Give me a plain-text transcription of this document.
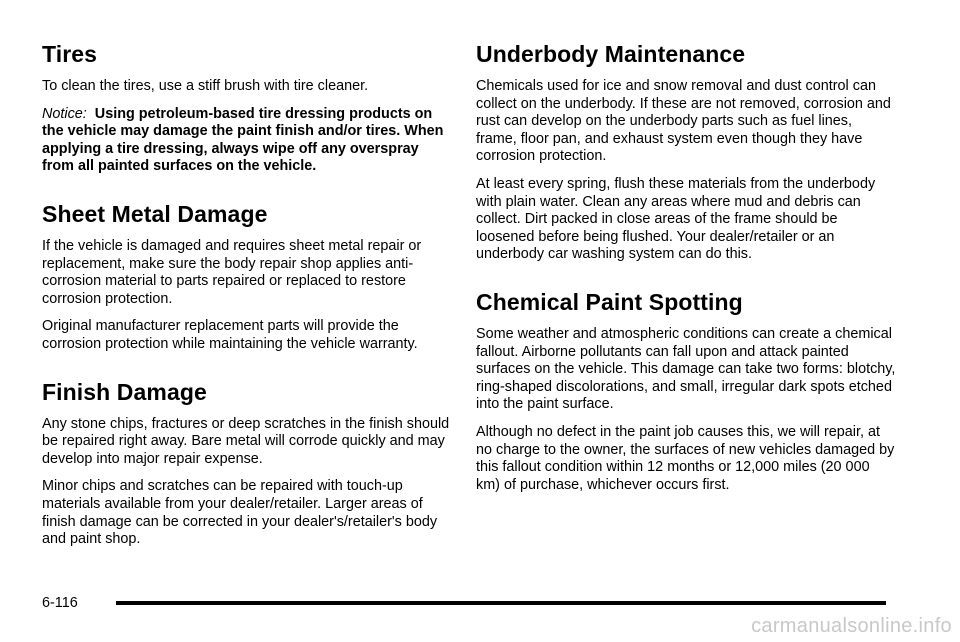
Tires

To clean the tires, use a stiff brush with tire cleaner.

Notice: Using petroleum-based tire dressing products on the vehicle may damage the paint finish and/or tires. When applying a tire dressing, always wipe off any overspray from all painted surfaces on the vehicle.

Sheet Metal Damage

If the vehicle is damaged and requires sheet metal repair or replacement, make sure the body repair shop applies anti-corrosion material to parts repaired or replaced to restore corrosion protection.

Original manufacturer replacement parts will provide the corrosion protection while maintaining the vehicle warranty.

Finish Damage

Any stone chips, fractures or deep scratches in the finish should be repaired right away. Bare metal will corrode quickly and may develop into major repair expense.

Minor chips and scratches can be repaired with touch-up materials available from your dealer/retailer. Larger areas of finish damage can be corrected in your dealer's/retailer's body and paint shop.

Underbody Maintenance

Chemicals used for ice and snow removal and dust control can collect on the underbody. If these are not removed, corrosion and rust can develop on the underbody parts such as fuel lines, frame, floor pan, and exhaust system even though they have corrosion protection.

At least every spring, flush these materials from the underbody with plain water. Clean any areas where mud and debris can collect. Dirt packed in close areas of the frame should be loosened before being flushed. Your dealer/retailer or an underbody car washing system can do this.

Chemical Paint Spotting

Some weather and atmospheric conditions can create a chemical fallout. Airborne pollutants can fall upon and attack painted surfaces on the vehicle. This damage can take two forms: blotchy, ring-shaped discolorations, and small, irregular dark spots etched into the paint surface.

Although no defect in the paint job causes this, we will repair, at no charge to the owner, the surfaces of new vehicles damaged by this fallout condition within 12 months or 12,000 miles (20 000 km) of purchase, whichever occurs first.

6-116
carmanualsonline.info
